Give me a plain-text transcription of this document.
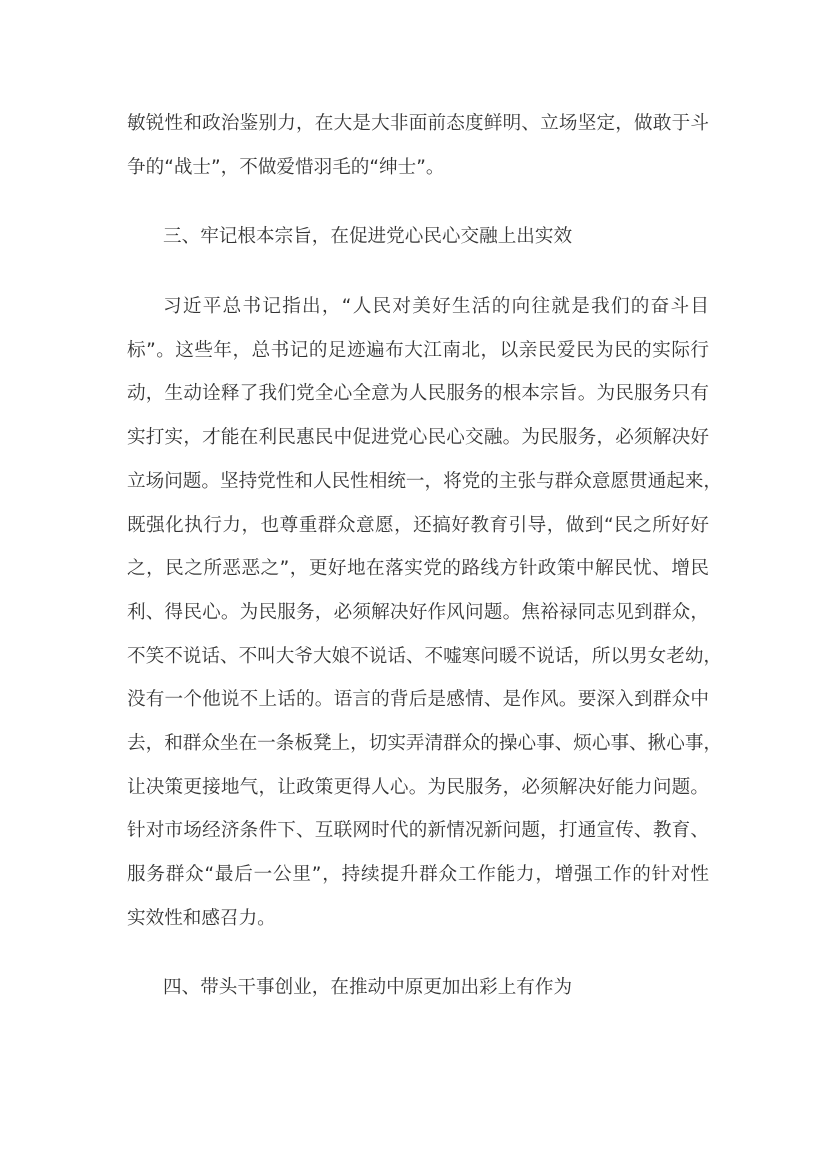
敏锐性和政治鉴别力，在大是大非面前态度鲜明、立场坚定，做敢于斗
争的“战士”，不做爱惜羽毛的“绅士”。
三、牢记根本宗旨，在促进党心民心交融上出实效
习近平总书记指出，“人民对美好生活的向往就是我们的奋斗目
标”。这些年，总书记的足迹遍布大江南北，以亲民爱民为民的实际行
动，生动诠释了我们党全心全意为人民服务的根本宗旨。为民服务只有
实打实，才能在利民惠民中促进党心民心交融。为民服务，必须解决好
立场问题。坚持党性和人民性相统一，将党的主张与群众意愿贯通起来，
既强化执行力，也尊重群众意愿，还搞好教育引导，做到“民之所好好
之，民之所恶恶之”，更好地在落实党的路线方针政策中解民忧、增民
利、得民心。为民服务，必须解决好作风问题。焦裕禄同志见到群众，
不笑不说话、不叫大爷大娘不说话、不嘘寒问暖不说话，所以男女老幼，
没有一个他说不上话的。语言的背后是感情、是作风。要深入到群众中
去，和群众坐在一条板凳上，切实弄清群众的操心事、烦心事、揪心事，
让决策更接地气，让政策更得人心。为民服务，必须解决好能力问题。
针对市场经济条件下、互联网时代的新情况新问题，打通宣传、教育、
服务群众“最后一公里”，持续提升群众工作能力，增强工作的针对性
实效性和感召力。
四、带头干事创业，在推动中原更加出彩上有作为
